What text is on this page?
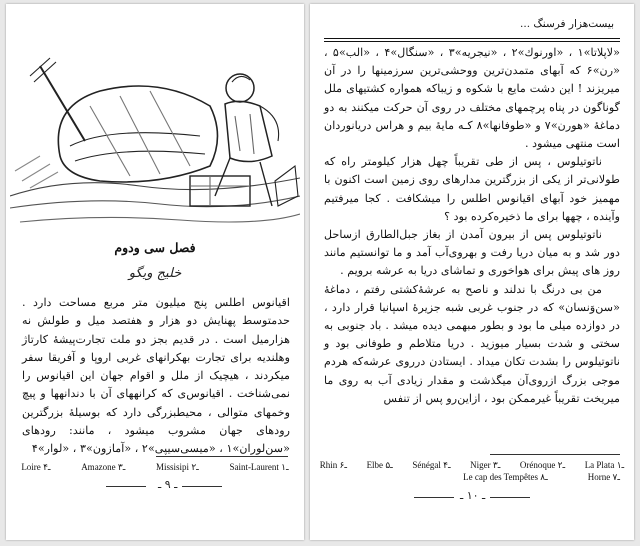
فصل سی ودوم
خلیج ویگو
اقیانوس اطلس پنج میلیون متر مربع مساحت دارد . حدمتوسط پهنایش دو هزار و هفتصد میل و طولش نه هزارمیل است . در قدیم بجز دو ملت تجارت‌پیشهٔ کارتاژ وهلندیه برای تجارت بهکرانهای غربی اروپا و آفریقا سفر میکردند ، هیچیک از ملل و اقوام جهان این اقیانوس را نمی‌شناخت . اقیانوس‌ی که کرانههای آن با دندانهها و پیچ وخمهای متوالی ، محیطبزرگی دارد که بوسیلهٔ بزرگترین رودهای جهان مشروب میشود ، مانند: رودهای «سن‌لوران»۱ ، «میسی‌سیپی»۲ ، «آمازون»۳ ، «لوار»۴
Loire ـ۴	Amazone ـ۳	Missisipi ـ۲	Saint-Laurent ـ۱
ـ ۹ ـ
بیست‌هزار فرسنگ ...

«لاپلاتا»۱ ، «اورنوك»۲ ، «نیجریه»۳ ، «سنگال»۴ ، «الب»۵ ، «رن»۶ که آبهای متمدن‌ترین ووحشی‌ترین سرزمینها را در آن میریزند ! این دشت مایع با شکوه و زیباکه همواره کشتیهای ملل گوناگون در پناه پرچمهای مختلف در روی آن حرکت میکنند به دو دماغهٔ «هورن»۷ و «طوفانها»۸ کـه مایهٔ بیم و هراس دریانوردان است منتهی میشود .

ناتوتیلوس ، پس از طی تقریباً چهل هزار کیلومتر راه که طولانی‌تر از یکی از بزرگترین مدارهای روی زمین است اکنون با مهمیز خود آبهای اقیانوس اطلس را میشکافت . کجا میرفتیم وآینده ، چهها برای ما ذخیره‌کرده بود ؟

ناتوتیلوس پس از بیرون آمدن از بغاز جبل‌الطارق ازساحل دور شد و به میان دریا رفت و بهروی‌آب آمد و ما توانستیم مانند روز های پیش برای هواخوری و تماشای دریا به عرشه برویم .

من بی درنگ با ندلند و ناصح به عرشهٔ‌کشتی رفتم ، دماغهٔ «سن‌وَنسان» که در جنوب غربی شبه جزیرهٔ اسپانیا قرار دارد ، در دوازده میلی ما بود و بطور مبهمی دیده میشد . باد جنوبی به سختی و شدت بسیار میوزید . دریا متلاطم و طوفانی بود و ناتوتیلوس را بشدت تکان میداد . ایستادن درروی عرشه‌که هردم موجی بزرگ ازروی‌آن میگذشت و مقدار زیادی آب به روی ما میریخت تقریباً غیرممکن بود ، ازاین‌رو پس از تنفس

Rhin ـ۶ Elbe ـ۵ Sénégal ـ۴ Niger ـ۳ Orénoque ـ۲ La Plata ـ۱
Le cap des Tempêtes ـ۸	Horne ـ۷
ـ ۱۰ ـ
